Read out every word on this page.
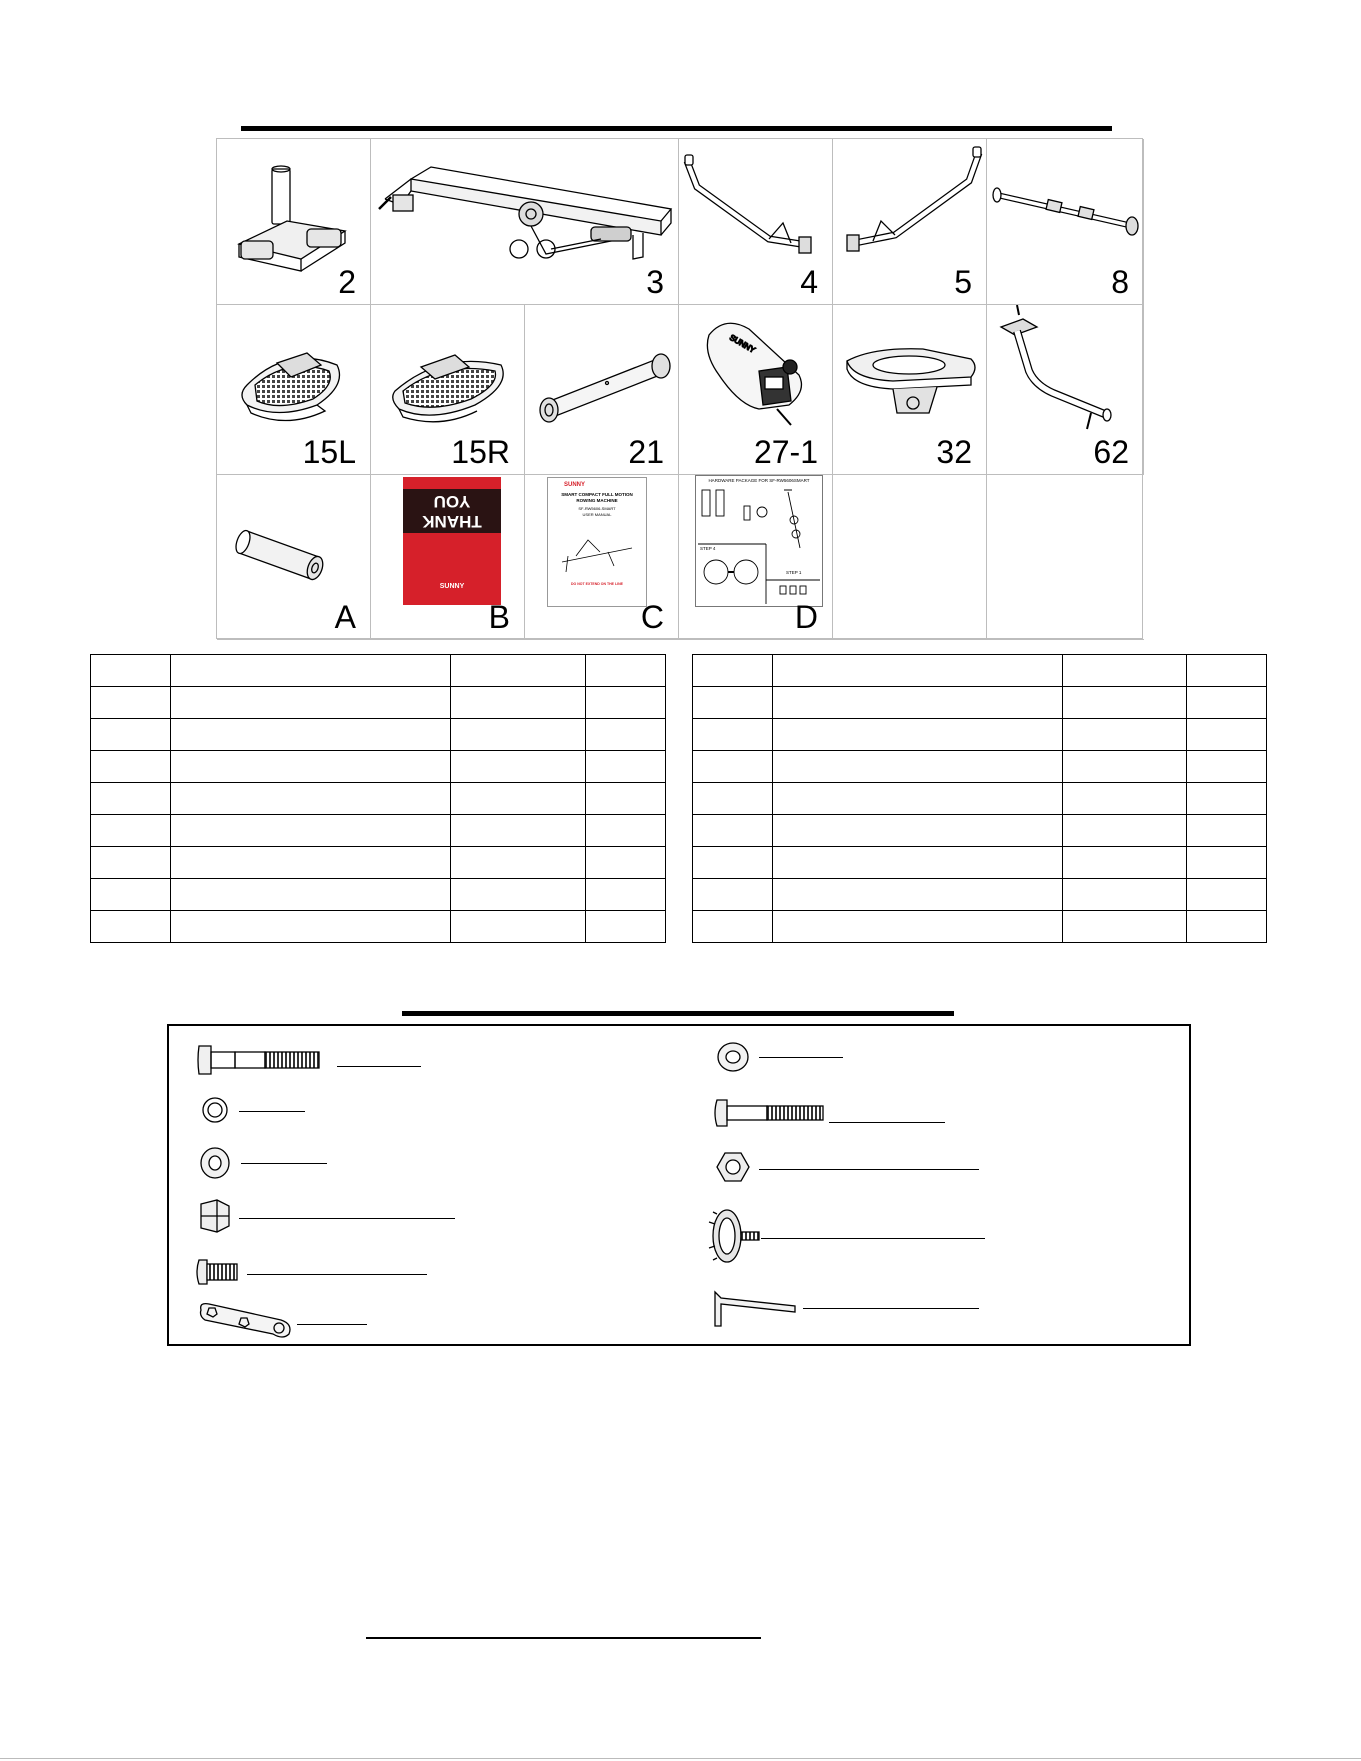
2	3	4	5	8
15L	15R	21
SUNNY
27-1	32	62
A
YOU
THANK
SUNNY
B
SUNNY
SMART COMPACT FULL MOTION ROWING MACHINE
SF-RW5606-SMART
USER MANUAL
DO NOT EXTEND ON THE LINE
C
HARDWARE PACKAGE FOR SF-RW5606SMART
STEP 4
STEP 1
D
